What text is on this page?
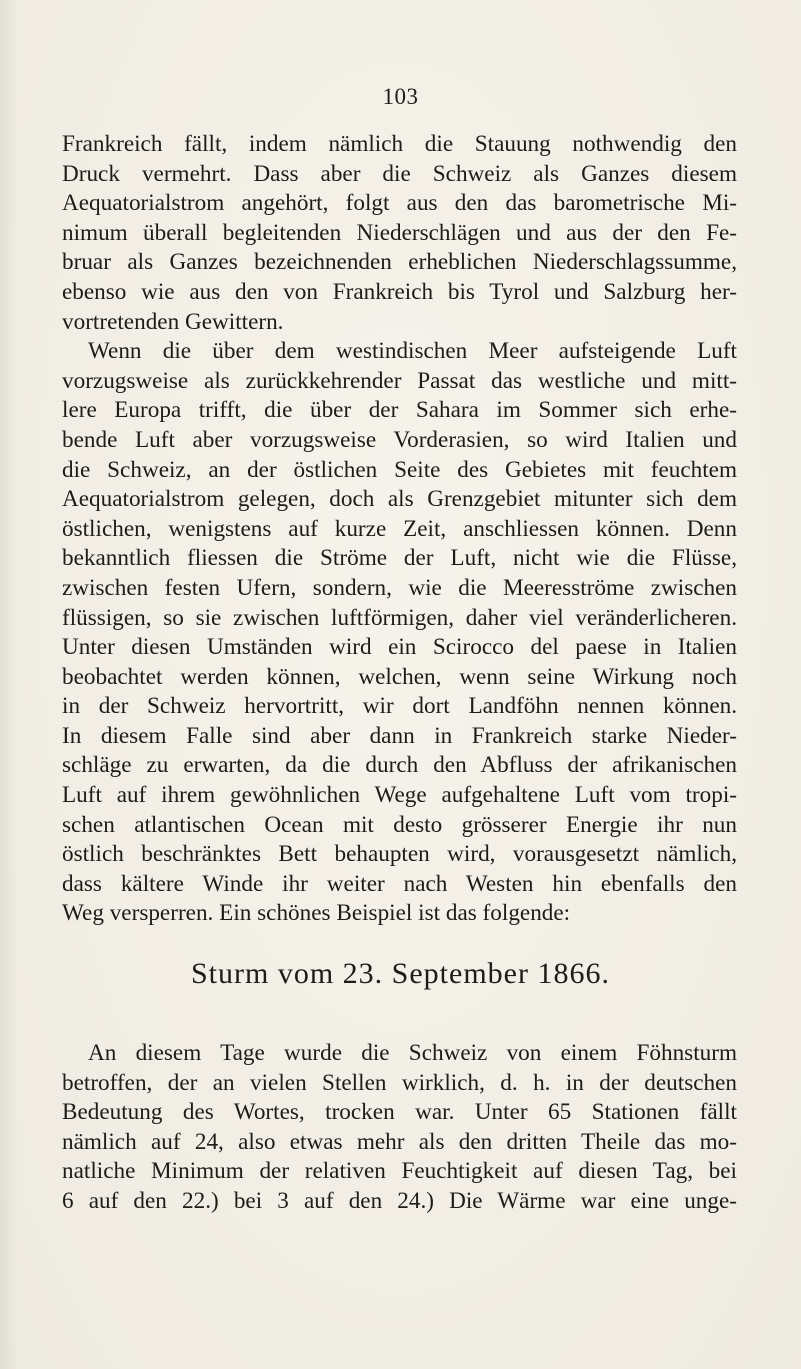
103
Frankreich fällt, indem nämlich die Stauung nothwendig den
Druck vermehrt. Dass aber die Schweiz als Ganzes diesem
Aequatorialstrom angehört, folgt aus den das barometrische Mi-
nimum überall begleitenden Niederschlägen und aus der den Fe-
bruar als Ganzes bezeichnenden erheblichen Niederschlagssumme,
ebenso wie aus den von Frankreich bis Tyrol und Salzburg her-
vortretenden Gewittern.
Wenn die über dem westindischen Meer aufsteigende Luft
vorzugsweise als zurückkehrender Passat das westliche und mitt-
lere Europa trifft, die über der Sahara im Sommer sich erhe-
bende Luft aber vorzugsweise Vorderasien, so wird Italien und
die Schweiz, an der östlichen Seite des Gebietes mit feuchtem
Aequatorialstrom gelegen, doch als Grenzgebiet mitunter sich dem
östlichen, wenigstens auf kurze Zeit, anschliessen können. Denn
bekanntlich fliessen die Ströme der Luft, nicht wie die Flüsse,
zwischen festen Ufern, sondern, wie die Meeresströme zwischen
flüssigen, so sie zwischen luftförmigen, daher viel veränderlicheren.
Unter diesen Umständen wird ein Scirocco del paese in Italien
beobachtet werden können, welchen, wenn seine Wirkung noch
in der Schweiz hervortritt, wir dort Landföhn nennen können.
In diesem Falle sind aber dann in Frankreich starke Nieder-
schläge zu erwarten, da die durch den Abfluss der afrikanischen
Luft auf ihrem gewöhnlichen Wege aufgehaltene Luft vom tropi-
schen atlantischen Ocean mit desto grösserer Energie ihr nun
östlich beschränktes Bett behaupten wird, vorausgesetzt nämlich,
dass kältere Winde ihr weiter nach Westen hin ebenfalls den
Weg versperren. Ein schönes Beispiel ist das folgende:
Sturm vom 23. September 1866.
An diesem Tage wurde die Schweiz von einem Föhnsturm
betroffen, der an vielen Stellen wirklich, d. h. in der deutschen
Bedeutung des Wortes, trocken war. Unter 65 Stationen fällt
nämlich auf 24, also etwas mehr als den dritten Theile das mo-
natliche Minimum der relativen Feuchtigkeit auf diesen Tag, bei
6 auf den 22.) bei 3 auf den 24.) Die Wärme war eine unge-
